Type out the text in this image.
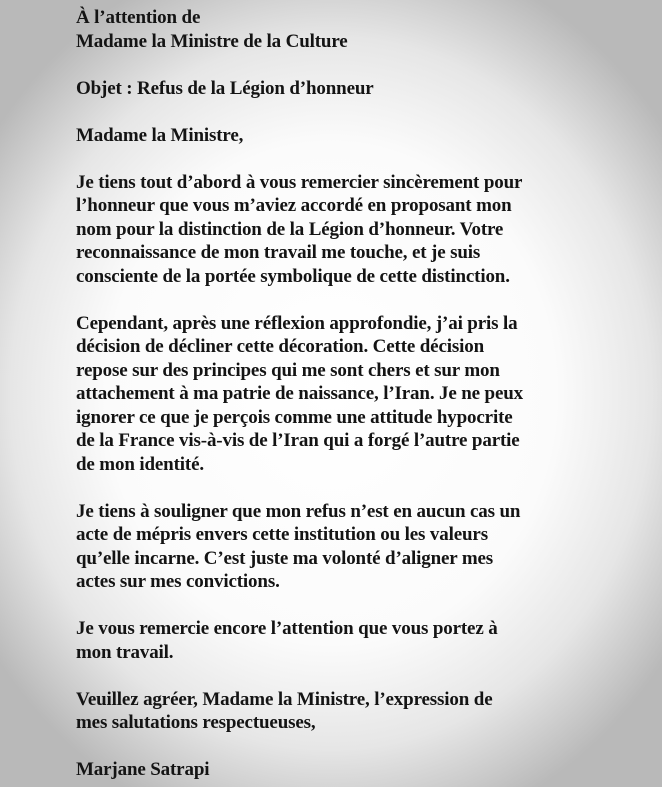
À l’attention de

Madame la Ministre de la Culture

Objet : Refus de la Légion d’honneur

Madame la Ministre,

Je tiens tout d’abord à vous remercier sincèrement pour

l’honneur que vous m’aviez accordé en proposant mon

nom pour la distinction de la Légion d’honneur. Votre

reconnaissance de mon travail me touche, et je suis

consciente de la portée symbolique de cette distinction.

Cependant, après une réflexion approfondie, j’ai pris la

décision de décliner cette décoration. Cette décision

repose sur des principes qui me sont chers et sur mon

attachement à ma patrie de naissance, l’Iran. Je ne peux

ignorer ce que je perçois comme une attitude hypocrite

de la France vis-à-vis de l’Iran qui a forgé l’autre partie

de mon identité.

Je tiens à souligner que mon refus n’est en aucun cas un

acte de mépris envers cette institution ou les valeurs

qu’elle incarne. C’est juste ma volonté d’aligner mes

actes sur mes convictions.

Je vous remercie encore l’attention que vous portez à

mon travail.

Veuillez agréer, Madame la Ministre, l’expression de

mes salutations respectueuses,

Marjane Satrapi
